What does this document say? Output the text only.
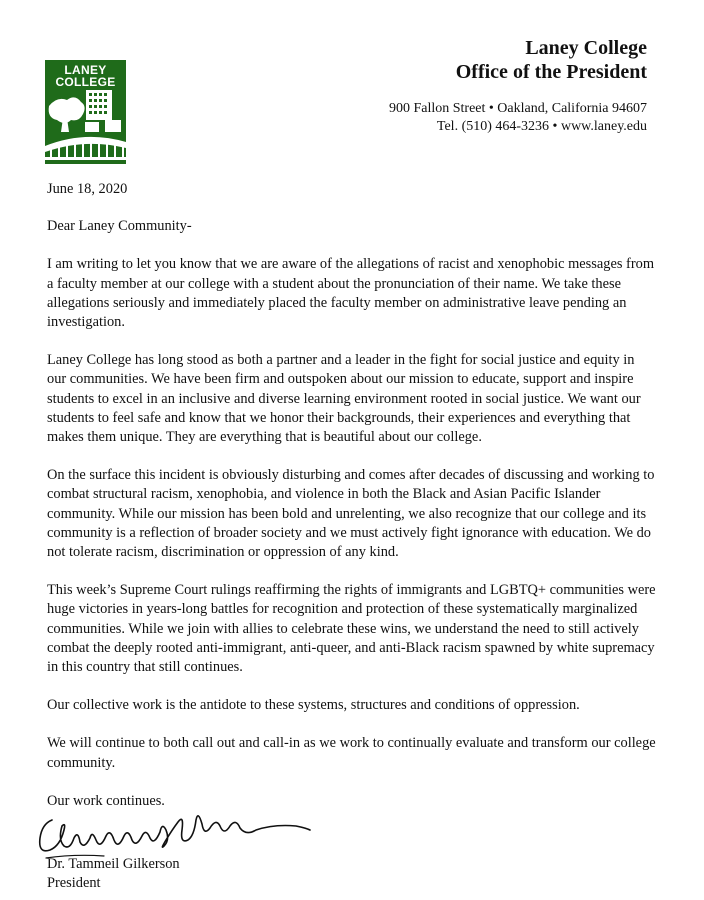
LANEY
COLLEGE
Laney College
Office of the President
900 Fallon Street • Oakland, California 94607
Tel. (510) 464-3236 • www.laney.edu

June 18, 2020

Dear Laney Community-

I am writing to let you know that we are aware of the allegations of racist and xenophobic messages from a faculty member at our college with a student about the pronunciation of their name. We take these allegations seriously and immediately placed the faculty member on administrative leave pending an investigation.

Laney College has long stood as both a partner and a leader in the fight for social justice and equity in our communities. We have been firm and outspoken about our mission to educate, support and inspire students to excel in an inclusive and diverse learning environment rooted in social justice. We want our students to feel safe and know that we honor their backgrounds, their experiences and everything that makes them unique. They are everything that is beautiful about our college.

On the surface this incident is obviously disturbing and comes after decades of discussing and working to combat structural racism, xenophobia, and violence in both the Black and Asian Pacific Islander community. While our mission has been bold and unrelenting, we also recognize that our college and its community is a reflection of broader society and we must actively fight ignorance with education. We do not tolerate racism, discrimination or oppression of any kind.

This week’s Supreme Court rulings reaffirming the rights of immigrants and LGBTQ+ communities were huge victories in years-long battles for recognition and protection of these systematically marginalized communities. While we join with allies to celebrate these wins, we understand the need to still actively combat the deeply rooted anti-immigrant, anti-queer, and anti-Black racism spawned by white supremacy in this country that still continues.

Our collective work is the antidote to these systems, structures and conditions of oppression.

We will continue to both call out and call-in as we work to continually evaluate and transform our college community.

Our work continues.

Dr. Tammeil Gilkerson
President
